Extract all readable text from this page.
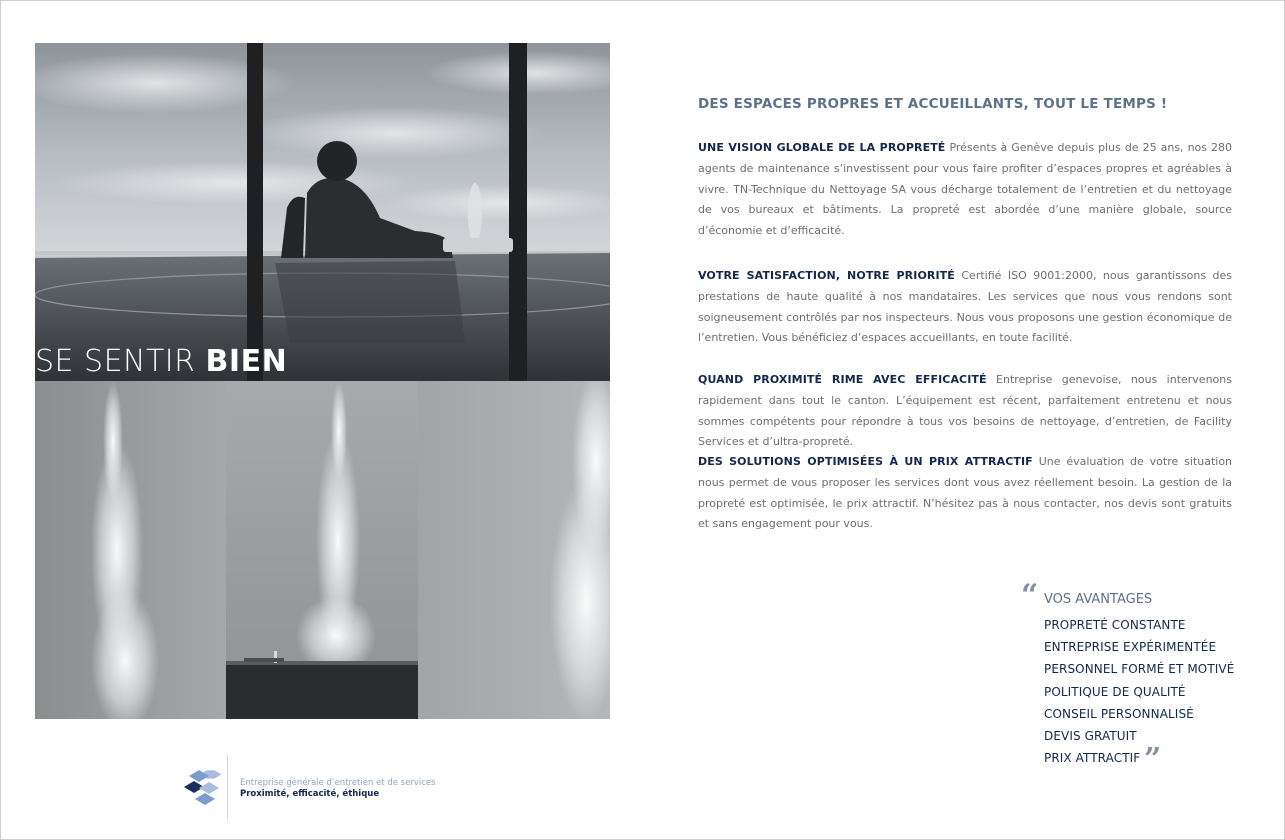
SE SENTIR BIEN
Entreprise générale d’entretien et de services
Proximité, efficacité, éthique
DES ESPACES PROPRES ET ACCUEILLANTS, TOUT LE TEMPS !

UNE VISION GLOBALE DE LA PROPRETÉ Présents à Genève depuis plus de 25 ans, nos 280 agents de maintenance s’investissent pour vous faire profiter d’espaces propres et agréables à vivre. TN-Technique du Nettoyage SA vous décharge totalement de l’entretien et du nettoyage de vos bureaux et bâtiments. La propreté est abordée d’une manière globale, source d’économie et d’efficacité.

VOTRE SATISFACTION, NOTRE PRIORITÉ Certifié ISO 9001:2000, nous garantissons des prestations de haute qualité à nos mandataires. Les services que nous vous rendons sont soigneusement contrôlés par nos inspecteurs. Nous vous proposons une gestion économique de l’entretien. Vous bénéficiez d’espaces accueillants, en toute facilité.

QUAND PROXIMITÉ RIME AVEC EFFICACITÉ Entreprise genevoise, nous intervenons rapidement dans tout le canton. L’équipement est récent, parfaitement entretenu et nous sommes compétents pour répondre à tous vos besoins de nettoyage, d’entretien, de Facility Services et d’ultra-propreté.

DES SOLUTIONS OPTIMISÉES À UN PRIX ATTRACTIF Une évaluation de votre situation nous permet de vous proposer les services dont vous avez réellement besoin. La gestion de la propreté est optimisée, le prix attractif. N’hésitez pas à nous contacter, nos devis sont gratuits et sans engagement pour vous.

“ VOS AVANTAGES
PROPRETÉ CONSTANTE
ENTREPRISE EXPÉRIMENTÉE
PERSONNEL FORMÉ ET MOTIVÉ
POLITIQUE DE QUALITÉ
CONSEIL PERSONNALISÉ
DEVIS GRATUIT
PRIX ATTRACTIF ”
